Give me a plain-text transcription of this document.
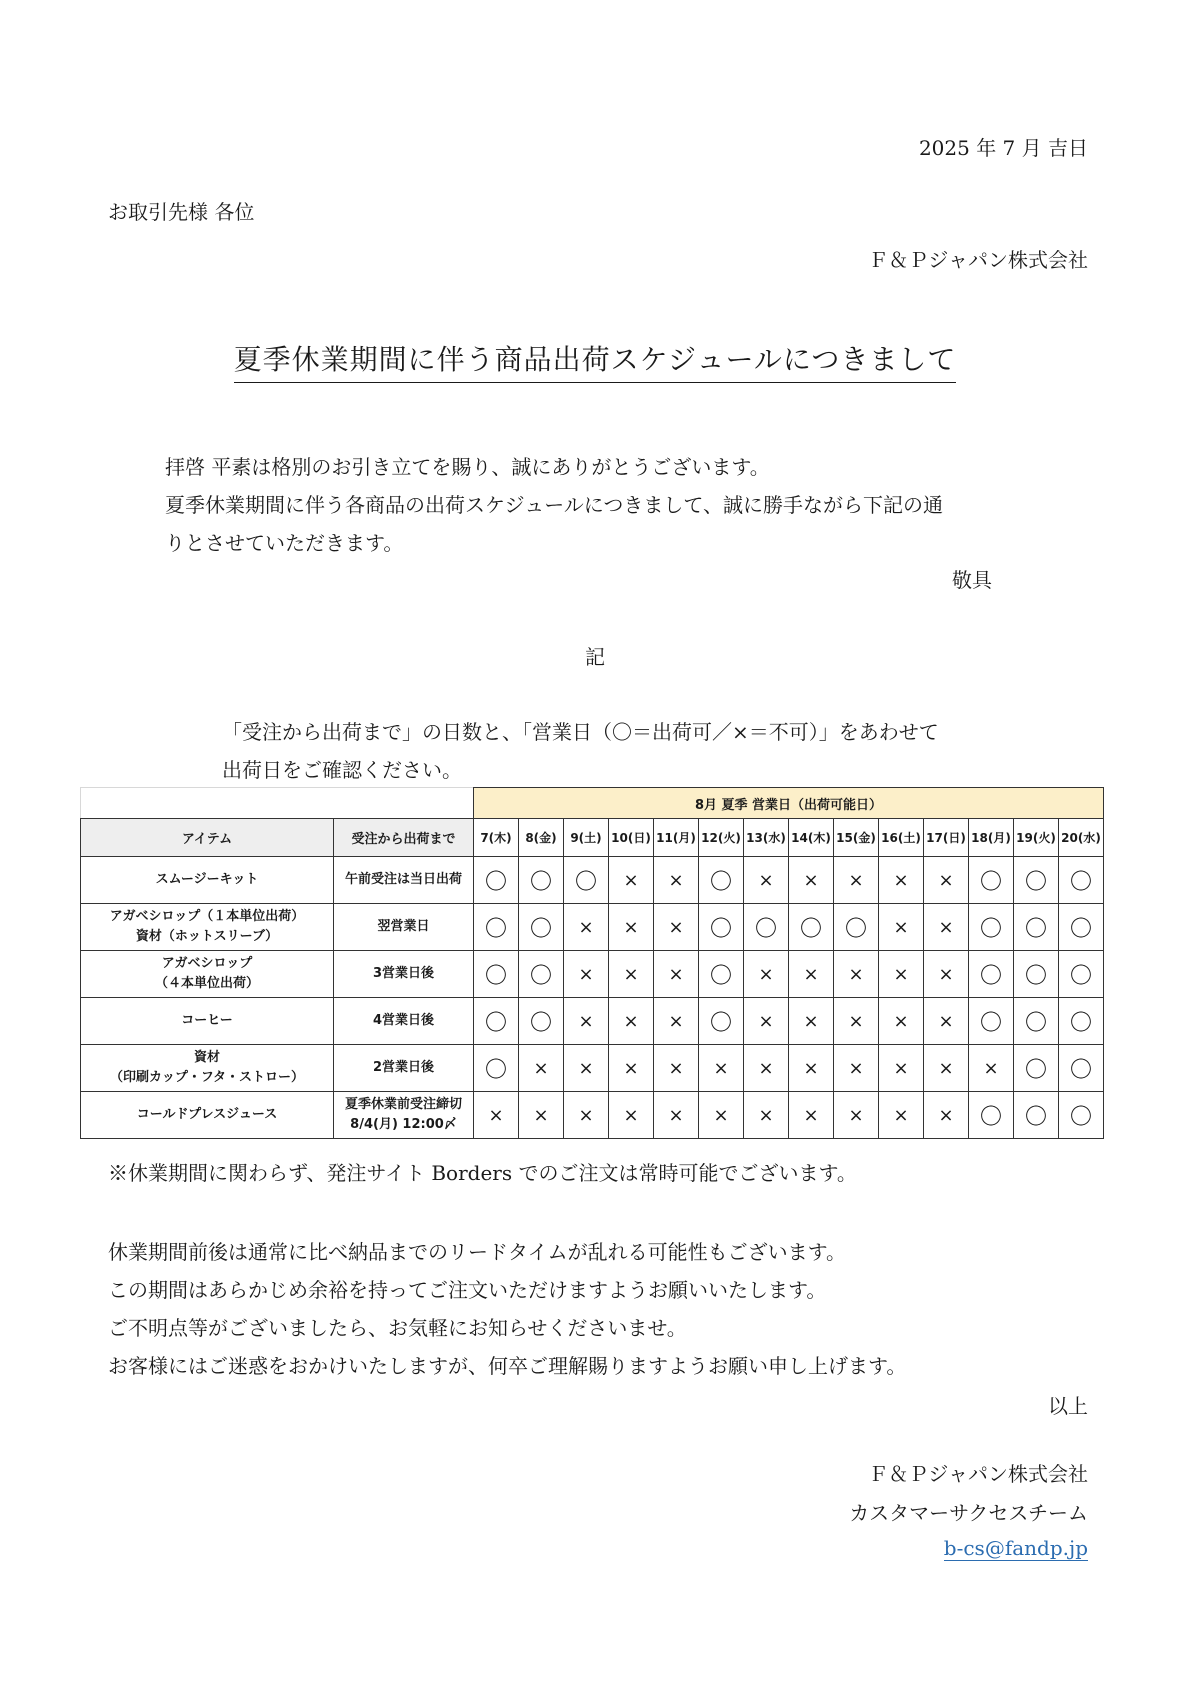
2025 年 7 月 吉日
お取引先様 各位
Ｆ＆Ｐジャパン株式会社
夏季休業期間に伴う商品出荷スケジュールにつきまして
拝啓 平素は格別のお引き立てを賜り、誠にありがとうございます。
夏季休業期間に伴う各商品の出荷スケジュールにつきまして、誠に勝手ながら下記の通
りとさせていただきます。
敬具
記
「受注から出荷まで」の日数と、「営業日（〇＝出荷可／×＝不可）」をあわせて
出荷日をご確認ください。
		8月 夏季 営業日（出荷可能日）													
アイテム	受注から出荷まで	7(木)	8(金)	9(土)	10(日)	11(月)	12(火)	13(水)	14(木)	15(金)	16(土)	17(日)	18(月)	19(火)	20(水)

スムージーキット	午前受注は当日出荷	〇	〇	〇	×	×	〇	×	×	×	×	×	〇	〇	〇

アガベシロップ（１本単位出荷）
資材（ホットスリーブ）	翌営業日	〇	〇	×	×	×	〇	〇	〇	〇	×	×	〇	〇	〇

アガベシロップ
（４本単位出荷）	3営業日後	〇	〇	×	×	×	〇	×	×	×	×	×	〇	〇	〇

コーヒー	4営業日後	〇	〇	×	×	×	〇	×	×	×	×	×	〇	〇	〇

資材
（印刷カップ・フタ・ストロー）	2営業日後	〇	×	×	×	×	×	×	×	×	×	×	×	〇	〇

コールドプレスジュース	夏季休業前受注締切
8/4(月) 12:00〆	×	×	×	×	×	×	×	×	×	×	×	〇	〇	〇
※休業期間に関わらず、発注サイト Borders でのご注文は常時可能でございます。
休業期間前後は通常に比べ納品までのリードタイムが乱れる可能性もございます。
この期間はあらかじめ余裕を持ってご注文いただけますようお願いいたします。
ご不明点等がございましたら、お気軽にお知らせくださいませ。
お客様にはご迷惑をおかけいたしますが、何卒ご理解賜りますようお願い申し上げます。
以上
Ｆ＆Ｐジャパン株式会社
カスタマーサクセスチーム
b-cs@fandp.jp
